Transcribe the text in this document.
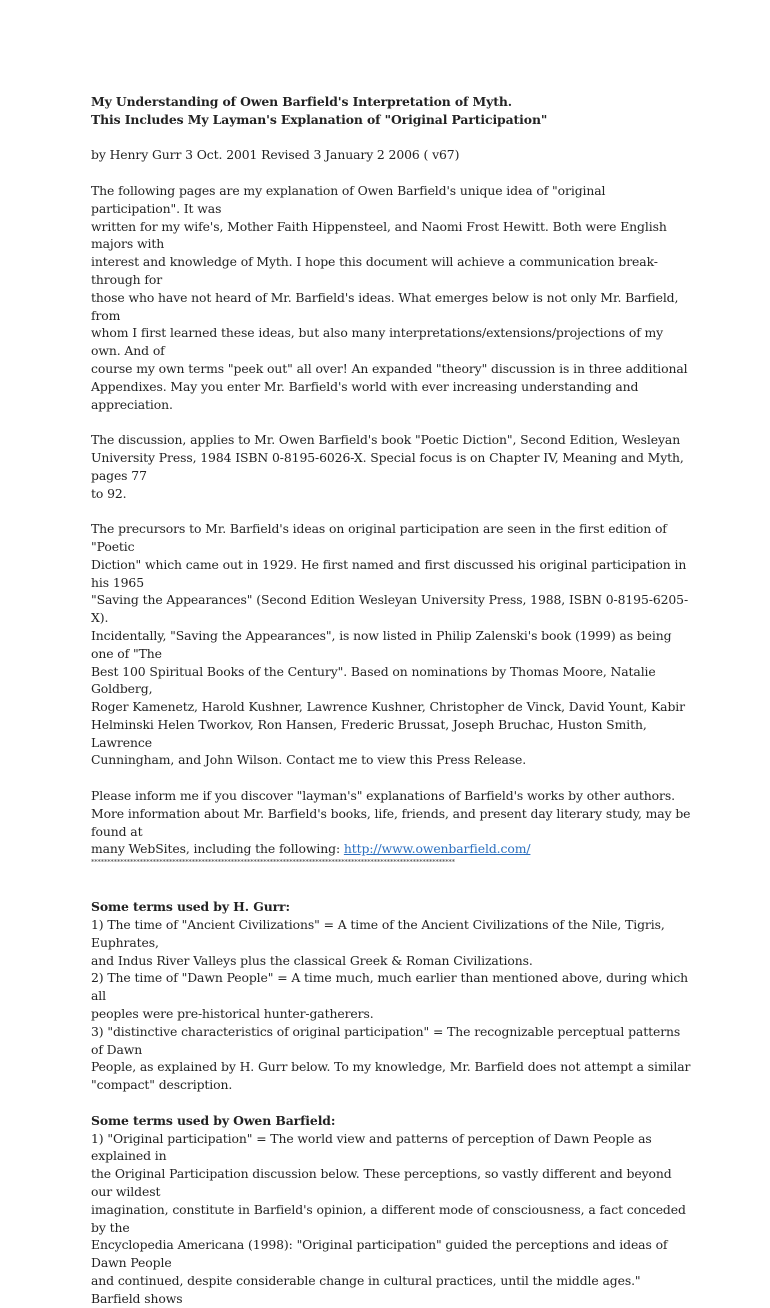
My Understanding of Owen Barfield's Interpretation of Myth.
This Includes My Layman's Explanation of "Original Participation"

by Henry Gurr 3 Oct. 2001 Revised 3 January 2 2006 ( v67)

The following pages are my explanation of Owen Barfield's unique idea of "original participation". It was
written for my wife's, Mother Faith Hippensteel, and Naomi Frost Hewitt. Both were English majors with
interest and knowledge of Myth. I hope this document will achieve a communication break-through for
those who have not heard of Mr. Barfield's ideas. What emerges below is not only Mr. Barfield, from
whom I first learned these ideas, but also many interpretations/extensions/projections of my own. And of
course my own terms "peek out" all over! An expanded "theory" discussion is in three additional
Appendixes. May you enter Mr. Barfield's world with ever increasing understanding and appreciation.

The discussion, applies to Mr. Owen Barfield's book "Poetic Diction", Second Edition, Wesleyan
University Press, 1984 ISBN 0-8195-6026-X. Special focus is on Chapter IV, Meaning and Myth, pages 77
to 92.

The precursors to Mr. Barfield's ideas on original participation are seen in the first edition of "Poetic
Diction" which came out in 1929. He first named and first discussed his original participation in his 1965
"Saving the Appearances" (Second Edition Wesleyan University Press, 1988, ISBN 0-8195-6205-X).
Incidentally, "Saving the Appearances", is now listed in Philip Zalenski's book (1999) as being one of "The
Best 100 Spiritual Books of the Century". Based on nominations by Thomas Moore, Natalie Goldberg,
Roger Kamenetz, Harold Kushner, Lawrence Kushner, Christopher de Vinck, David Yount, Kabir
Helminski Helen Tworkov, Ron Hansen, Frederic Brussat, Joseph Bruchac, Huston Smith, Lawrence
Cunningham, and John Wilson. Contact me to view this Press Release.

Please inform me if you discover "layman's" explanations of Barfield's works by other authors.
More information about Mr. Barfield's books, life, friends, and present day literary study, may be found at
many WebSites, including the following: http://www.owenbarfield.com/

****************************************************************************************************************

Some terms used by H. Gurr:
1) The time of "Ancient Civilizations" = A time of the Ancient Civilizations of the Nile, Tigris, Euphrates,
and Indus River Valleys plus the classical Greek & Roman Civilizations.
2) The time of "Dawn People" = A time much, much earlier than mentioned above, during which all
peoples were pre-historical hunter-gatherers.
3) "distinctive characteristics of original participation" = The recognizable perceptual patterns of Dawn
People, as explained by H. Gurr below. To my knowledge, Mr. Barfield does not attempt a similar
"compact" description.

Some terms used by Owen Barfield:
1) "Original participation" = The world view and patterns of perception of Dawn People as explained in
the Original Participation discussion below. These perceptions, so vastly different and beyond our wildest
imagination, constitute in Barfield's opinion, a different mode of consciousness, a fact conceded by the
Encyclopedia Americana (1998): "Original participation" guided the perceptions and ideas of Dawn People
and continued, despite considerable change in cultural practices, until the middle ages." Barfield shows
